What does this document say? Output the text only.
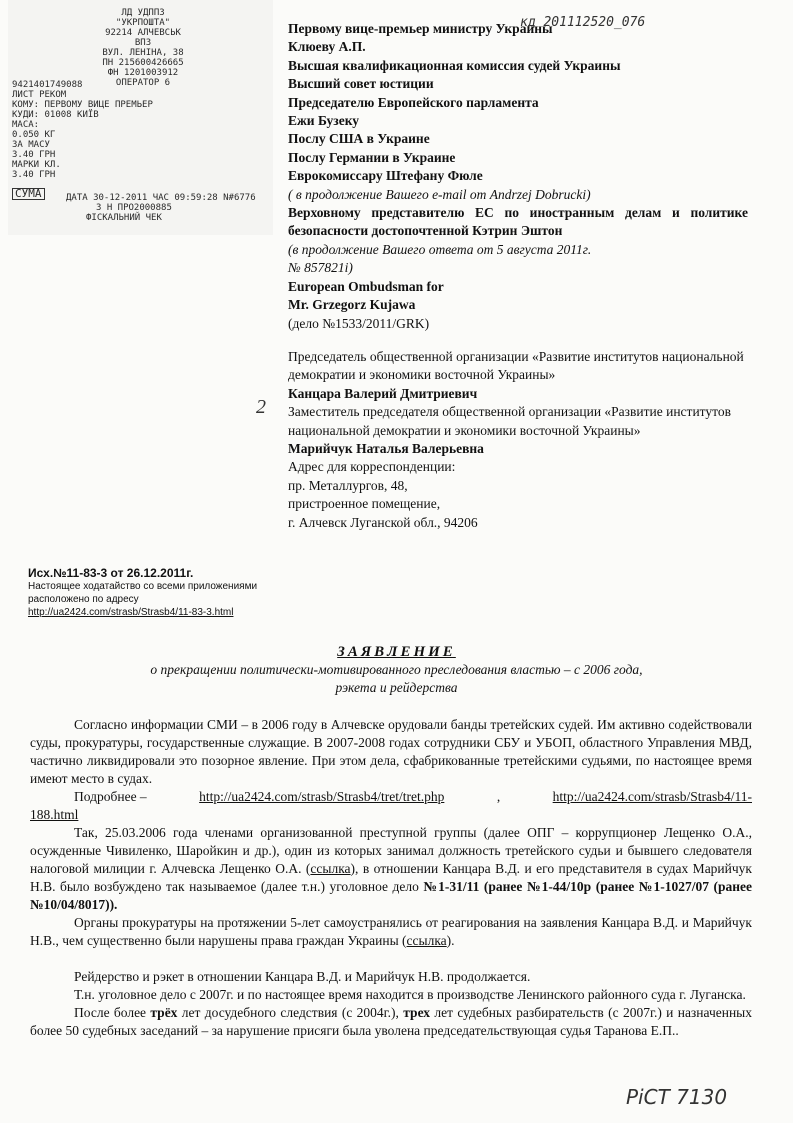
ЛД УДППЗ "УКРПОШТА"
92214 АЛЧЕВСЬК ВПЗ
ВУЛ. ЛЕНІНА, 38
ПН 215600426665
ФН 1201003912
ОПЕРАТОР 6
9421401749088
ЛИСТ РЕКОМ
КОМУ: ПЕРВОМУ ВИЦЕ ПРЕМЬЕР
КУДИ: 01008 КИЇВ
МАСА:
0.050 КГ
ЗА МАСУ
3.40 ГРН
МАРКИ КЛ.
3.40 ГРН
СУМА	ДАТА 30-12-2011 ЧАС 09:59:28 N#6776
3 Н ПРО2000885
ФІСКАЛЬНИЙ ЧЕК
кд 201112520_076
Первому вице-премьер министру Украины
Клюеву А.П.
Высшая квалификационная комиссия судей Украины
Высший совет юстиции
Председателю Европейского парламента
Ежи Бузеку
Послу США в Украине
Послу Германии в Украине
Еврокомиссару Штефану Фюле
( в продолжение Вашего e-mail от Andrzej Dobrucki)
Верховному представителю ЕС по иностранным делам и политике безопасности достопочтенной Кэтрин Эштон
(в продолжение Вашего ответа от 5 августа 2011г.
№ 857821i)
European Ombudsman for
Mr. Grzegorz Kujawa
(дело №1533/2011/GRK)
Председатель общественной организации «Развитие институтов национальной демократии и экономики восточной Украины»
Канцара Валерий Дмитриевич
Заместитель председателя общественной организации «Развитие институтов национальной демократии и экономики восточной Украины»
Марийчук Наталья Валерьевна
Адрес для корреспонденции:
пр. Металлургов, 48,
пристроенное помещение,
г. Алчевск Луганской обл., 94206
2
Исх.№11-83-3 от 26.12.2011г.
Настоящее ходатайство со всеми приложениями расположено по адресу
http://ua2424.com/strasb/Strasb4/11-83-3.html
ЗАЯВЛЕНИЕ
о прекращении политически-мотивированного преследования властью – с 2006 года,
рэкета и рейдерства

Согласно информации СМИ – в 2006 году в Алчевске орудовали банды третейских судей. Им активно содействовали суды, прокуратуры, государственные служащие. В 2007-2008 годах сотрудники СБУ и УБОП, областного Управления МВД, частично ликвидировали это позорное явление. При этом дела, сфабрикованные третейскими судьями, по настоящее время имеют место в судах.

Подробнее –	http://ua2424.com/strasb/Strasb4/tret/tret.php	,	http://ua2424.com/strasb/Strasb4/11-
188.html

Так, 25.03.2006 года членами организованной преступной группы (далее ОПГ – коррупционер Лещенко О.А., осужденные Чивиленко, Шаройкин и др.), один из которых занимал должность третейского судьи и бывшего следователя налоговой милиции г. Алчевска Лещенко О.А. (ссылка), в отношении Канцара В.Д. и его представителя в судах Марийчук Н.В. было возбуждено так называемое (далее т.н.) уголовное дело №1-31/11 (ранее №1-44/10р (ранее №1-1027/07 (ранее №10/04/8017)).

Органы прокуратуры на протяжении 5-лет самоустранялись от реагирования на заявления Канцара В.Д. и Марийчук Н.В., чем существенно были нарушены права граждан Украины (ссылка).

Рейдерство и рэкет в отношении Канцара В.Д. и Марийчук Н.В. продолжается.

Т.н. уголовное дело с 2007г. и по настоящее время находится в производстве Ленинского районного суда г. Луганска.

После более трёх лет досудебного следствия (с 2004г.), трех лет судебных разбирательств (с 2007г.) и назначенных более 50 судебных заседаний – за нарушение присяги была уволена председательствующая судья Таранова Е.П..

РіСТ 7130
